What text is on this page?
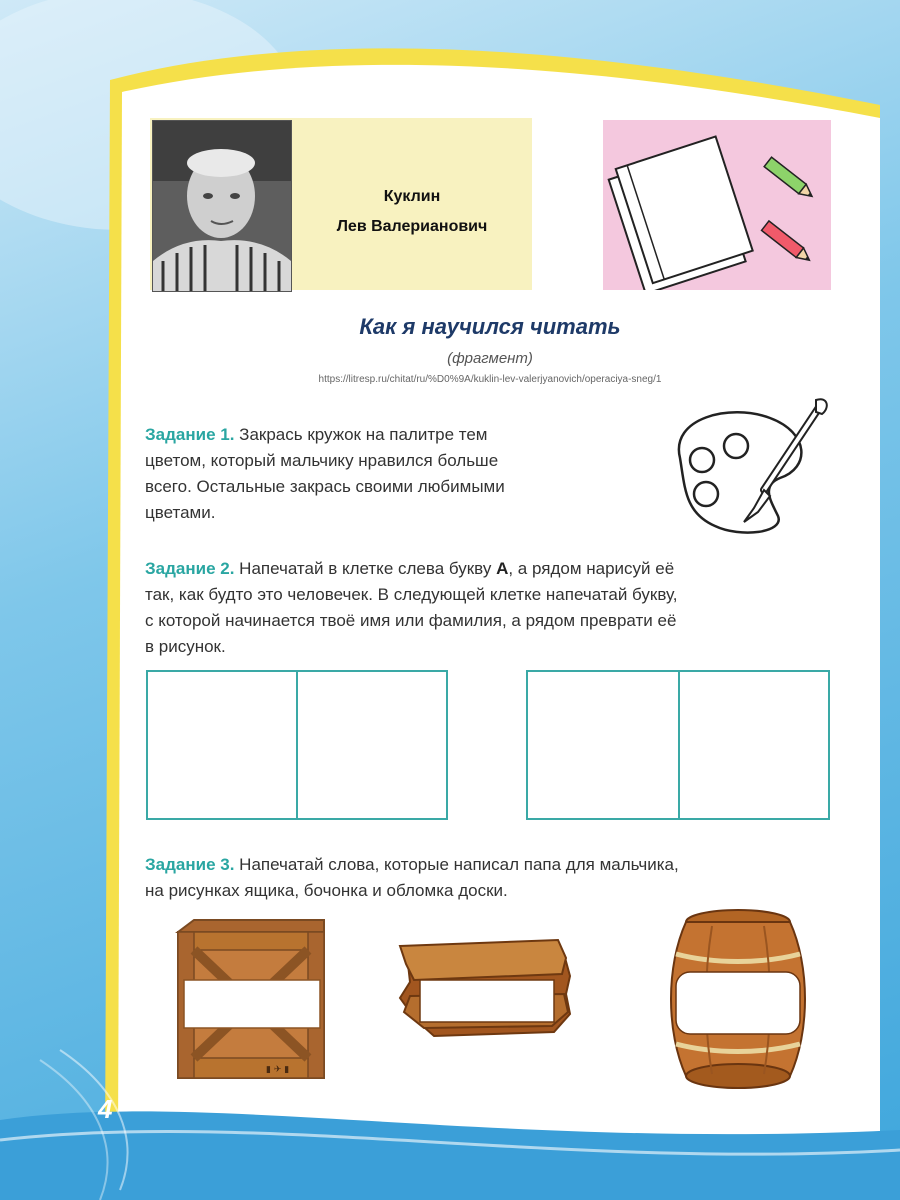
Куклин
Лев Валерианович
Как я научился читать
(фрагмент)
https://litresp.ru/chitat/ru/%D0%9A/kuklin-lev-valerjyanovich/operaciya-sneg/1
Задание 1. Закрась кружок на палитре тем
цветом, который мальчику нравился больше
всего. Остальные закрась своими любимыми
цветами.
Задание 2. Напечатай в клетке слева букву А, а рядом нарисуй её
так, как будто это человечек. В следующей клетке напечатай букву,
с которой начинается твоё имя или фамилия, а рядом преврати её
в рисунок.
Задание 3. Напечатай слова, которые написал папа для мальчика,
на рисунках ящика, бочонка и обломка доски.
▮ ✈ ▮
4
